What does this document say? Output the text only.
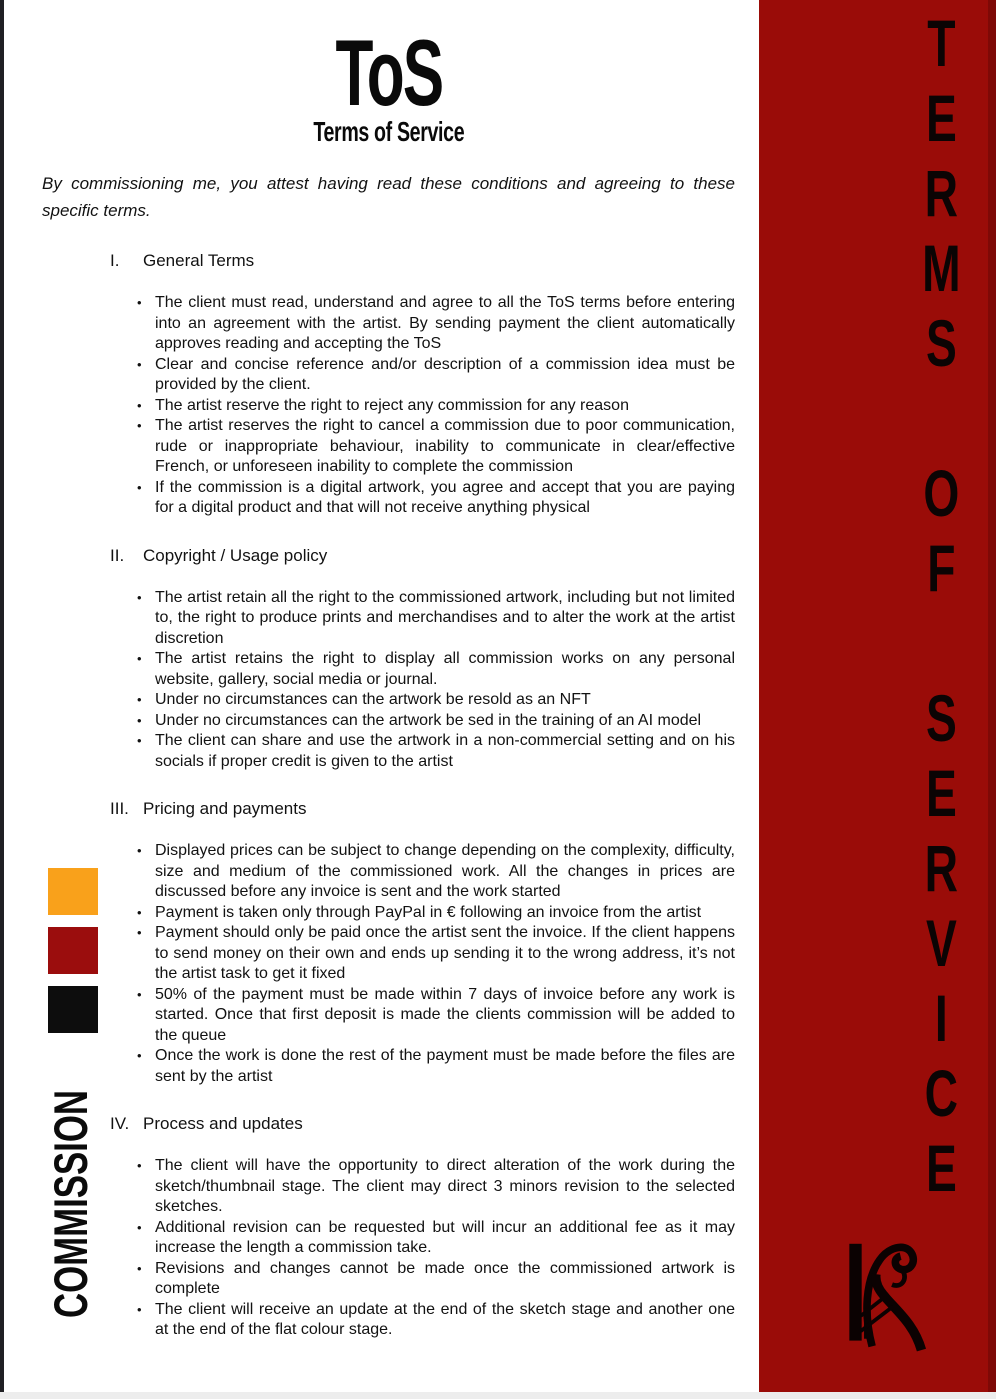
T
E
R
M
S
O
F
S
E
R
V
I
C
E
COMMISSION
ToS
Terms of Service

By commissioning me, you attest having read these conditions and agreeing to these specific terms.

I.	General Terms
• The client must read, understand and agree to all the ToS terms before entering into an agreement with the artist. By sending payment the client automatically approves reading and accepting the ToS
• Clear and concise reference and/or description of a commission idea must be provided by the client.
• The artist reserve the right to reject any commission for any reason
• The artist reserves the right to cancel a commission due to poor communication, rude or inappropriate behaviour, inability to communicate in clear/effective French, or unforeseen inability to complete the commission
• If the commission is a digital artwork, you agree and accept that you are paying for a digital product and that will not receive anything physical
II.	Copyright / Usage policy
• The artist retain all the right to the commissioned artwork, including but not limited to, the right to produce prints and merchandises and to alter the work at the artist discretion
• The artist retains the right to display all commission works on any personal website, gallery, social media or journal.
• Under no circumstances can the artwork be resold as an NFT
• Under no circumstances can the artwork be sed in the training of an AI model
• The client can share and use the artwork in a non-commercial setting and on his socials if proper credit is given to the artist
III. Pricing and payments
• Displayed prices can be subject to change depending on the complexity, difficulty, size and medium of the commissioned work. All the changes in prices are discussed before any invoice is sent and the work started
• Payment is taken only through PayPal in € following an invoice from the artist
• Payment should only be paid once the artist sent the invoice. If the client happens to send money on their own and ends up sending it to the wrong address, it’s not the artist task to get it fixed
• 50% of the payment must be made within 7 days of invoice before any work is started. Once that first deposit is made the clients commission will be added to the queue
• Once the work is done the rest of the payment must be made before the files are sent by the artist
IV. Process and updates
• The client will have the opportunity to direct alteration of the work during the sketch/thumbnail stage. The client may direct 3 minors revision to the selected sketches.
• Additional revision can be requested but will incur an additional fee as it may increase the length a commission take.
• Revisions and changes cannot be made once the commissioned artwork is complete
• The client will receive an update at the end of the sketch stage and another one at the end of the flat colour stage.
